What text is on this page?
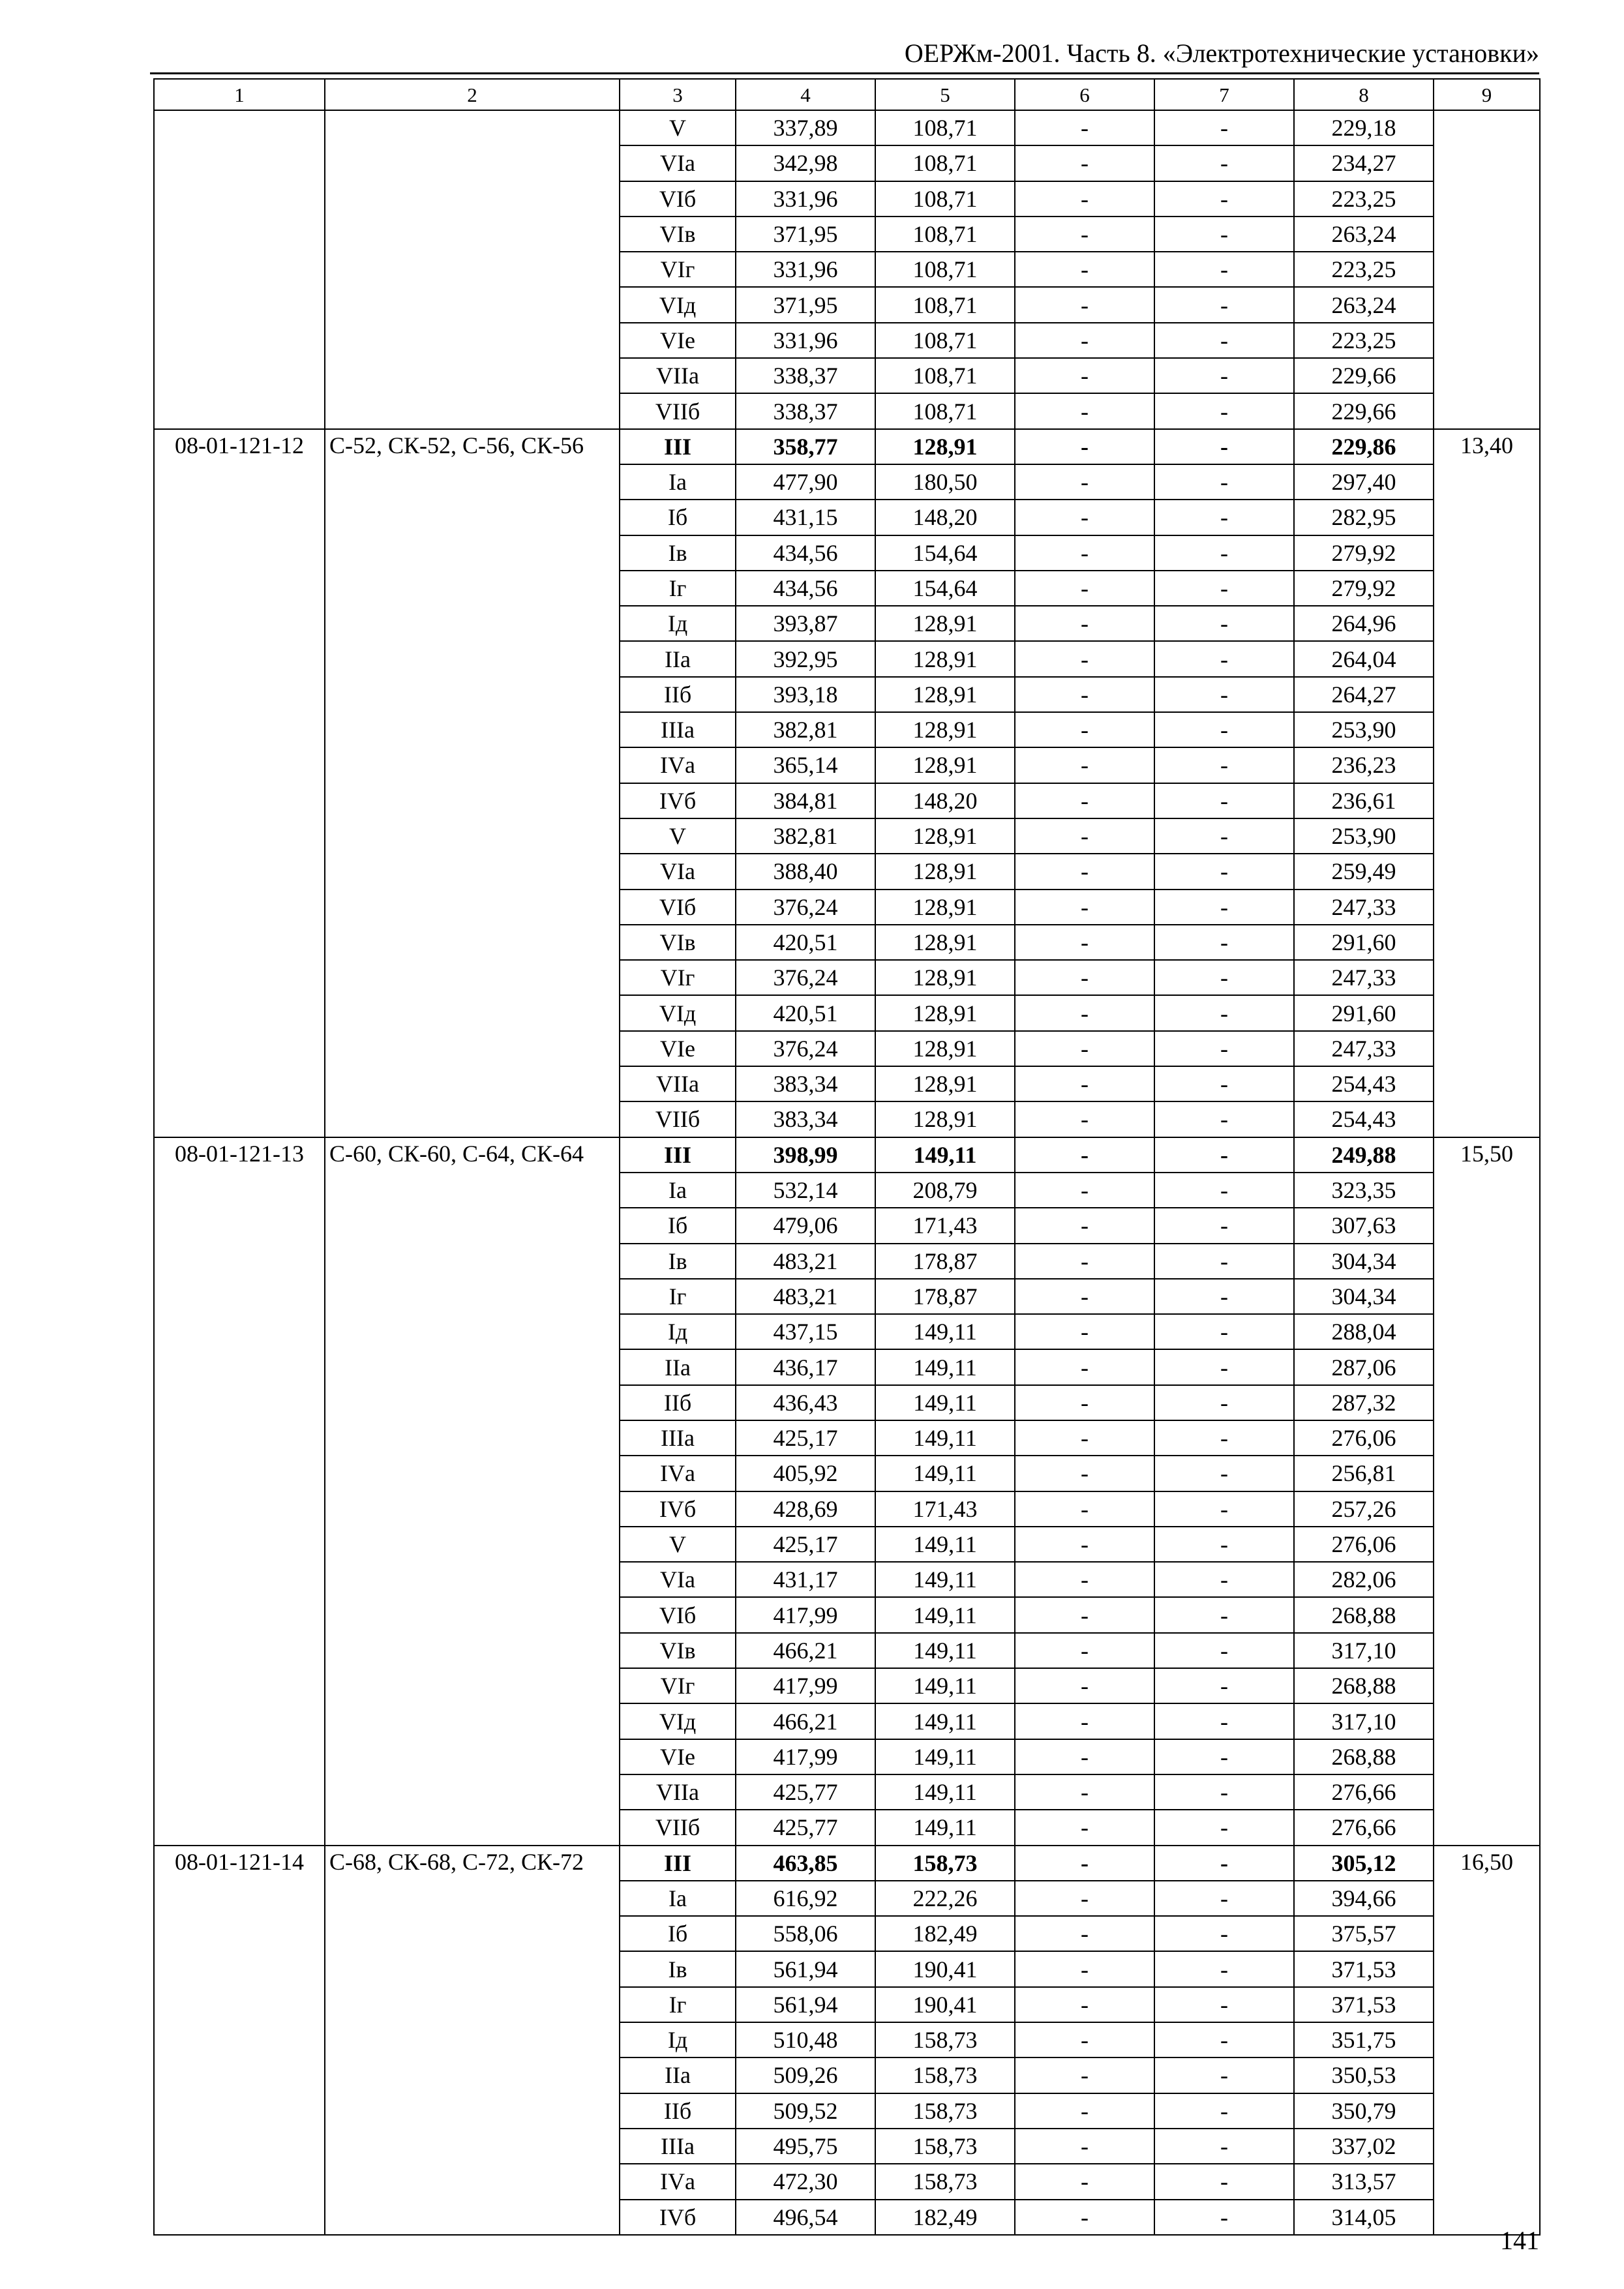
ОЕРЖм-2001. Часть 8. «Электротехнические установки»
1	2	3	4	5	6	7	8	9
		V	337,89	108,71	-	-	229,18	
		VIа	342,98	108,71	-	-	234,27	
		VIб	331,96	108,71	-	-	223,25	
		VIв	371,95	108,71	-	-	263,24	
		VIг	331,96	108,71	-	-	223,25	
		VIд	371,95	108,71	-	-	263,24	
		VIе	331,96	108,71	-	-	223,25	
		VIIа	338,37	108,71	-	-	229,66	
		VIIб	338,37	108,71	-	-	229,66	
08-01-121-12	С-52, СК-52, С-56, СК-56	III	358,77	128,91	-	-	229,86	13,40
		Iа	477,90	180,50	-	-	297,40	
		Iб	431,15	148,20	-	-	282,95	
		Iв	434,56	154,64	-	-	279,92	
		Iг	434,56	154,64	-	-	279,92	
		Iд	393,87	128,91	-	-	264,96	
		IIа	392,95	128,91	-	-	264,04	
		IIб	393,18	128,91	-	-	264,27	
		IIIа	382,81	128,91	-	-	253,90	
		IVа	365,14	128,91	-	-	236,23	
		IVб	384,81	148,20	-	-	236,61	
		V	382,81	128,91	-	-	253,90	
		VIа	388,40	128,91	-	-	259,49	
		VIб	376,24	128,91	-	-	247,33	
		VIв	420,51	128,91	-	-	291,60	
		VIг	376,24	128,91	-	-	247,33	
		VIд	420,51	128,91	-	-	291,60	
		VIе	376,24	128,91	-	-	247,33	
		VIIа	383,34	128,91	-	-	254,43	
		VIIб	383,34	128,91	-	-	254,43	
08-01-121-13	С-60, СК-60, С-64, СК-64	III	398,99	149,11	-	-	249,88	15,50
		Iа	532,14	208,79	-	-	323,35	
		Iб	479,06	171,43	-	-	307,63	
		Iв	483,21	178,87	-	-	304,34	
		Iг	483,21	178,87	-	-	304,34	
		Iд	437,15	149,11	-	-	288,04	
		IIа	436,17	149,11	-	-	287,06	
		IIб	436,43	149,11	-	-	287,32	
		IIIа	425,17	149,11	-	-	276,06	
		IVа	405,92	149,11	-	-	256,81	
		IVб	428,69	171,43	-	-	257,26	
		V	425,17	149,11	-	-	276,06	
		VIа	431,17	149,11	-	-	282,06	
		VIб	417,99	149,11	-	-	268,88	
		VIв	466,21	149,11	-	-	317,10	
		VIг	417,99	149,11	-	-	268,88	
		VIд	466,21	149,11	-	-	317,10	
		VIе	417,99	149,11	-	-	268,88	
		VIIа	425,77	149,11	-	-	276,66	
		VIIб	425,77	149,11	-	-	276,66	
08-01-121-14	С-68, СК-68, С-72, СК-72	III	463,85	158,73	-	-	305,12	16,50
		Iа	616,92	222,26	-	-	394,66	
		Iб	558,06	182,49	-	-	375,57	
		Iв	561,94	190,41	-	-	371,53	
		Iг	561,94	190,41	-	-	371,53	
		Iд	510,48	158,73	-	-	351,75	
		IIа	509,26	158,73	-	-	350,53	
		IIб	509,52	158,73	-	-	350,79	
		IIIа	495,75	158,73	-	-	337,02	
		IVа	472,30	158,73	-	-	313,57	
		IVб	496,54	182,49	-	-	314,05	
141
